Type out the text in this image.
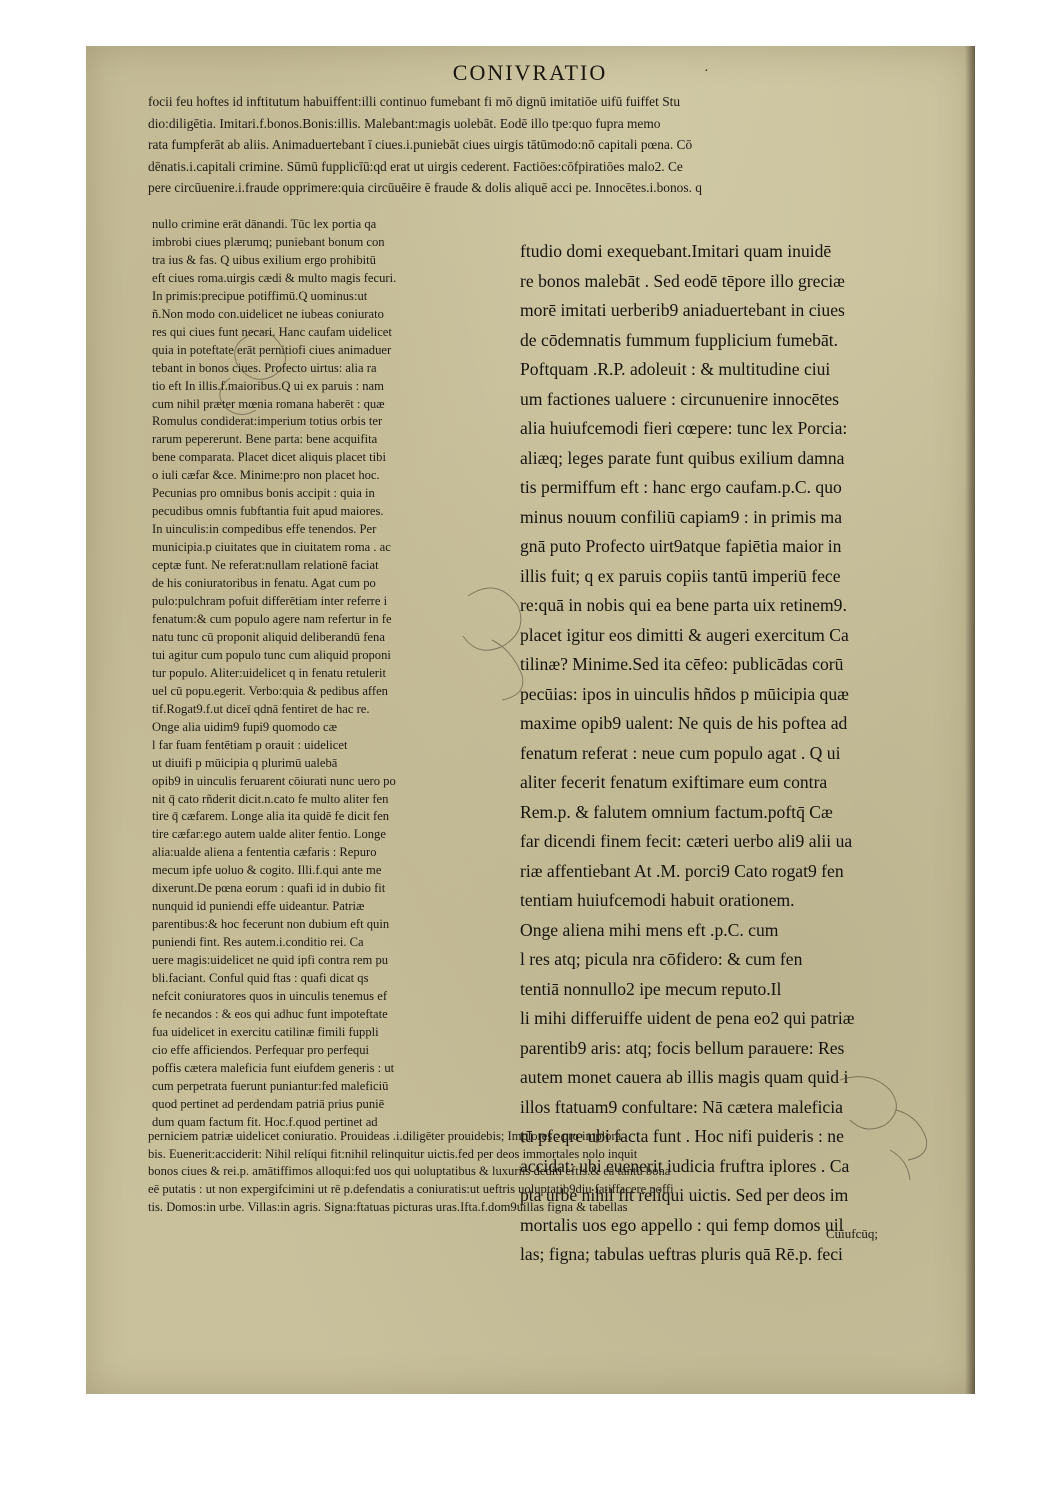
CONIVRATIO	·
focii feu hoftes id inftitutum habuiffent:illi continuo fumebant fi mō dignū imitatiōe uifū fuiffet Stu
dio:diligētia. Imitari.f.bonos.Bonis:illis. Malebant:magis uolebāt. Eodē illo tpe:quo fupra memo
rata fumpferāt ab aliis. Animaduertebant ī ciues.i.puniebāt ciues uirgis tātūmodo:nō capitali pœna. Cō
dēnatis.i.capitali crimine. Sūmū fupplicīū:qd erat ut uirgis cederent. Factiōes:cōfpiratiōes malo2. Ce
pere circūuenire.i.fraude opprimere:quia circūuēire ē fraude & dolis aliquē acci pe. Innocētes.i.bonos. q
nullo crimine erāt dānandi. Tūc lex portia qa
imbrobi ciues plærumq; puniebant bonum con
tra ius & fas. Q uibus exilium ergo prohibitū
eft ciues roma.uirgis cædi & multo magis fecuri.
In primis:precipue potiffimū.Q uominus:ut
ñ.Non modo con.uidelicet ne iubeas coniurato
res qui ciues funt necari. Hanc caufam uidelicet
quia in poteftate erāt pernitiofi ciues animaduer
tebant in bonos ciues. Profecto uirtus: alia ra
tio eft In illis.f.maioribus.Q ui ex paruis : nam
cum nihil præter mœnia romana haberēt : quæ
Romulus condiderat:imperium totius orbis ter
rarum pepererunt. Bene parta: bene acquifita
bene comparata. Placet dicet aliquis placet tibi
o iuli cæfar &ce. Minime:pro non placet hoc.
Pecunias pro omnibus bonis accipit : quia in
pecudibus omnis fubftantia fuit apud maiores.
In uinculis:in compedibus effe tenendos. Per
municipia.p ciuitates que in ciuitatem roma . ac
ceptæ funt. Ne referat:nullam relationē faciat
de his coniuratoribus in fenatu. Agat cum po
pulo:pulchram pofuit differētiam inter referre i
fenatum:& cum populo agere nam refertur in fe
natu tunc cū proponit aliquid deliberandū fena
tui agitur cum populo tunc cum aliquid proponi
tur populo. Aliter:uidelicet q in fenatu retulerit
uel cū popu.egerit. Verbo:quia & pedibus affen
tif.Rogat9.f.ut diceī qdnā fentiret de hac re.
Onge alia uidim9 fupi9 quomodo cæ
l far fuam fentētiam p orauit : uidelicet
ut diuifi p mūicipia q plurimū ualebā
opib9 in uinculis feruarent cōiurati nunc uero po
nit q̄ cato rñderit dicit.n.cato fe multo aliter fen
tire q̄ cæfarem. Longe alia ita quidē fe dicit fen
tire cæfar:ego autem ualde aliter fentio. Longe
alia:ualde aliena a fententia cæfaris : Repuro
mecum ipfe uoluo & cogito. Illi.f.qui ante me
dixerunt.De pœna eorum : quafi id in dubio fit
nunquid id puniendi effe uideantur. Patriæ
parentibus:& hoc fecerunt non dubium eft quin
puniendi fint. Res autem.i.conditio rei. Ca
uere magis:uidelicet ne quid ipfi contra rem pu
bli.faciant. Conful quid ftas : quafi dicat qs
nefcit coniuratores quos in uinculis tenemus ef
fe necandos : & eos qui adhuc funt impoteftate
fua uidelicet in exercitu catilinæ fimili fuppli
cio effe afficiendos. Perfequar pro perfequi
poffis cætera maleficia funt eiufdem generis : ut
cum perpetrata fuerunt puniantur:fed maleficiū
quod pertinet ad perdendam patriā prius puniē
dum quam factum fit. Hoc.f.quod pertinet ad
ftudio domi exequebant.Imitari quam inuidē
re bonos malebāt . Sed eodē tēpore illo greciæ
morē imitati uerberib9 aniaduertebant in ciues
de cōdemnatis fummum fupplicium fumebāt.
Poftquam .R.P. adoleuit : & multitudine ciui
um factiones ualuere : circunuenire innocētes
alia huiufcemodi fieri cœpere: tunc lex Porcia:
aliæq; leges parate funt quibus exilium damna
tis permiffum eft : hanc ergo caufam.p.C. quo
minus nouum confiliū capiam9 : in primis ma
gnā puto Profecto uirt9atque fapiētia maior in
illis fuit; q ex paruis copiis tantū imperiū fece
re:quā in nobis qui ea bene parta uix retinem9.
placet igitur eos dimitti & augeri exercitum Ca
tilinæ? Minime.Sed ita cēfeo: publicādas corū
pecūias: ipos in uinculis hñdos p mūicipia quæ
maxime opib9 ualent: Ne quis de his poftea ad
fenatum referat : neue cum populo agat . Q ui
aliter fecerit fenatum exiftimare eum contra
Rem.p. & falutem omnium factum.poftq̄ Cæ
far dicendi finem fecit: cæteri uerbo ali9 alii ua
riæ affentiebant At .M. porci9 Cato rogat9 fen
tentiam huiufcemodi habuit orationem.
Onge aliena mihi mens eft .p.C. cum
l res atq; picula nra cōfidero: & cum fen
tentiā nonnullo2 ipe mecum reputo.Il
li mihi differuiffe uident de pena eo2 qui patriæ
parentib9 aris: atq; focis bellum parauere: Res
autem monet cauera ab illis magis quam quid i
illos ftatuam9 confultare: Nā cætera maleficia
tū pfeqre ubi facta funt . Hoc nifi puideris : ne
accidat: ubi euenerit iudicia fruftra iplores . Ca
pta urbe nihil fit reliqui uictis. Sed per deos im
mortalis uos ego appello : qui femp domos uil
las; figna; tabulas ueftras pluris quā Rē.p. feci
perniciem patriæ uidelicet coniuratio. Prouideas .i.diligēter prouidebis; Implores : pro implora
bis. Euenerit:acciderit: Nihil relíqui fit:nihil relinquitur uictis.fed per deos immortales nolo inquit
bonos ciues & rei.p. amātiffimos alloqui:fed uos qui uoluptatibus & luxuriis dediti eftis.& ea tantū bona
eē putatis : ut non expergifcimini ut rē p.defendatis a coniuratis:ut ueftris uoluptatib9diu fatiffacere poffi
tis. Domos:in urbe. Villas:in agris. Signa:ftatuas picturas uras.Ifta.f.dom9uillas figna & tabellas
Cuiufcūq;
